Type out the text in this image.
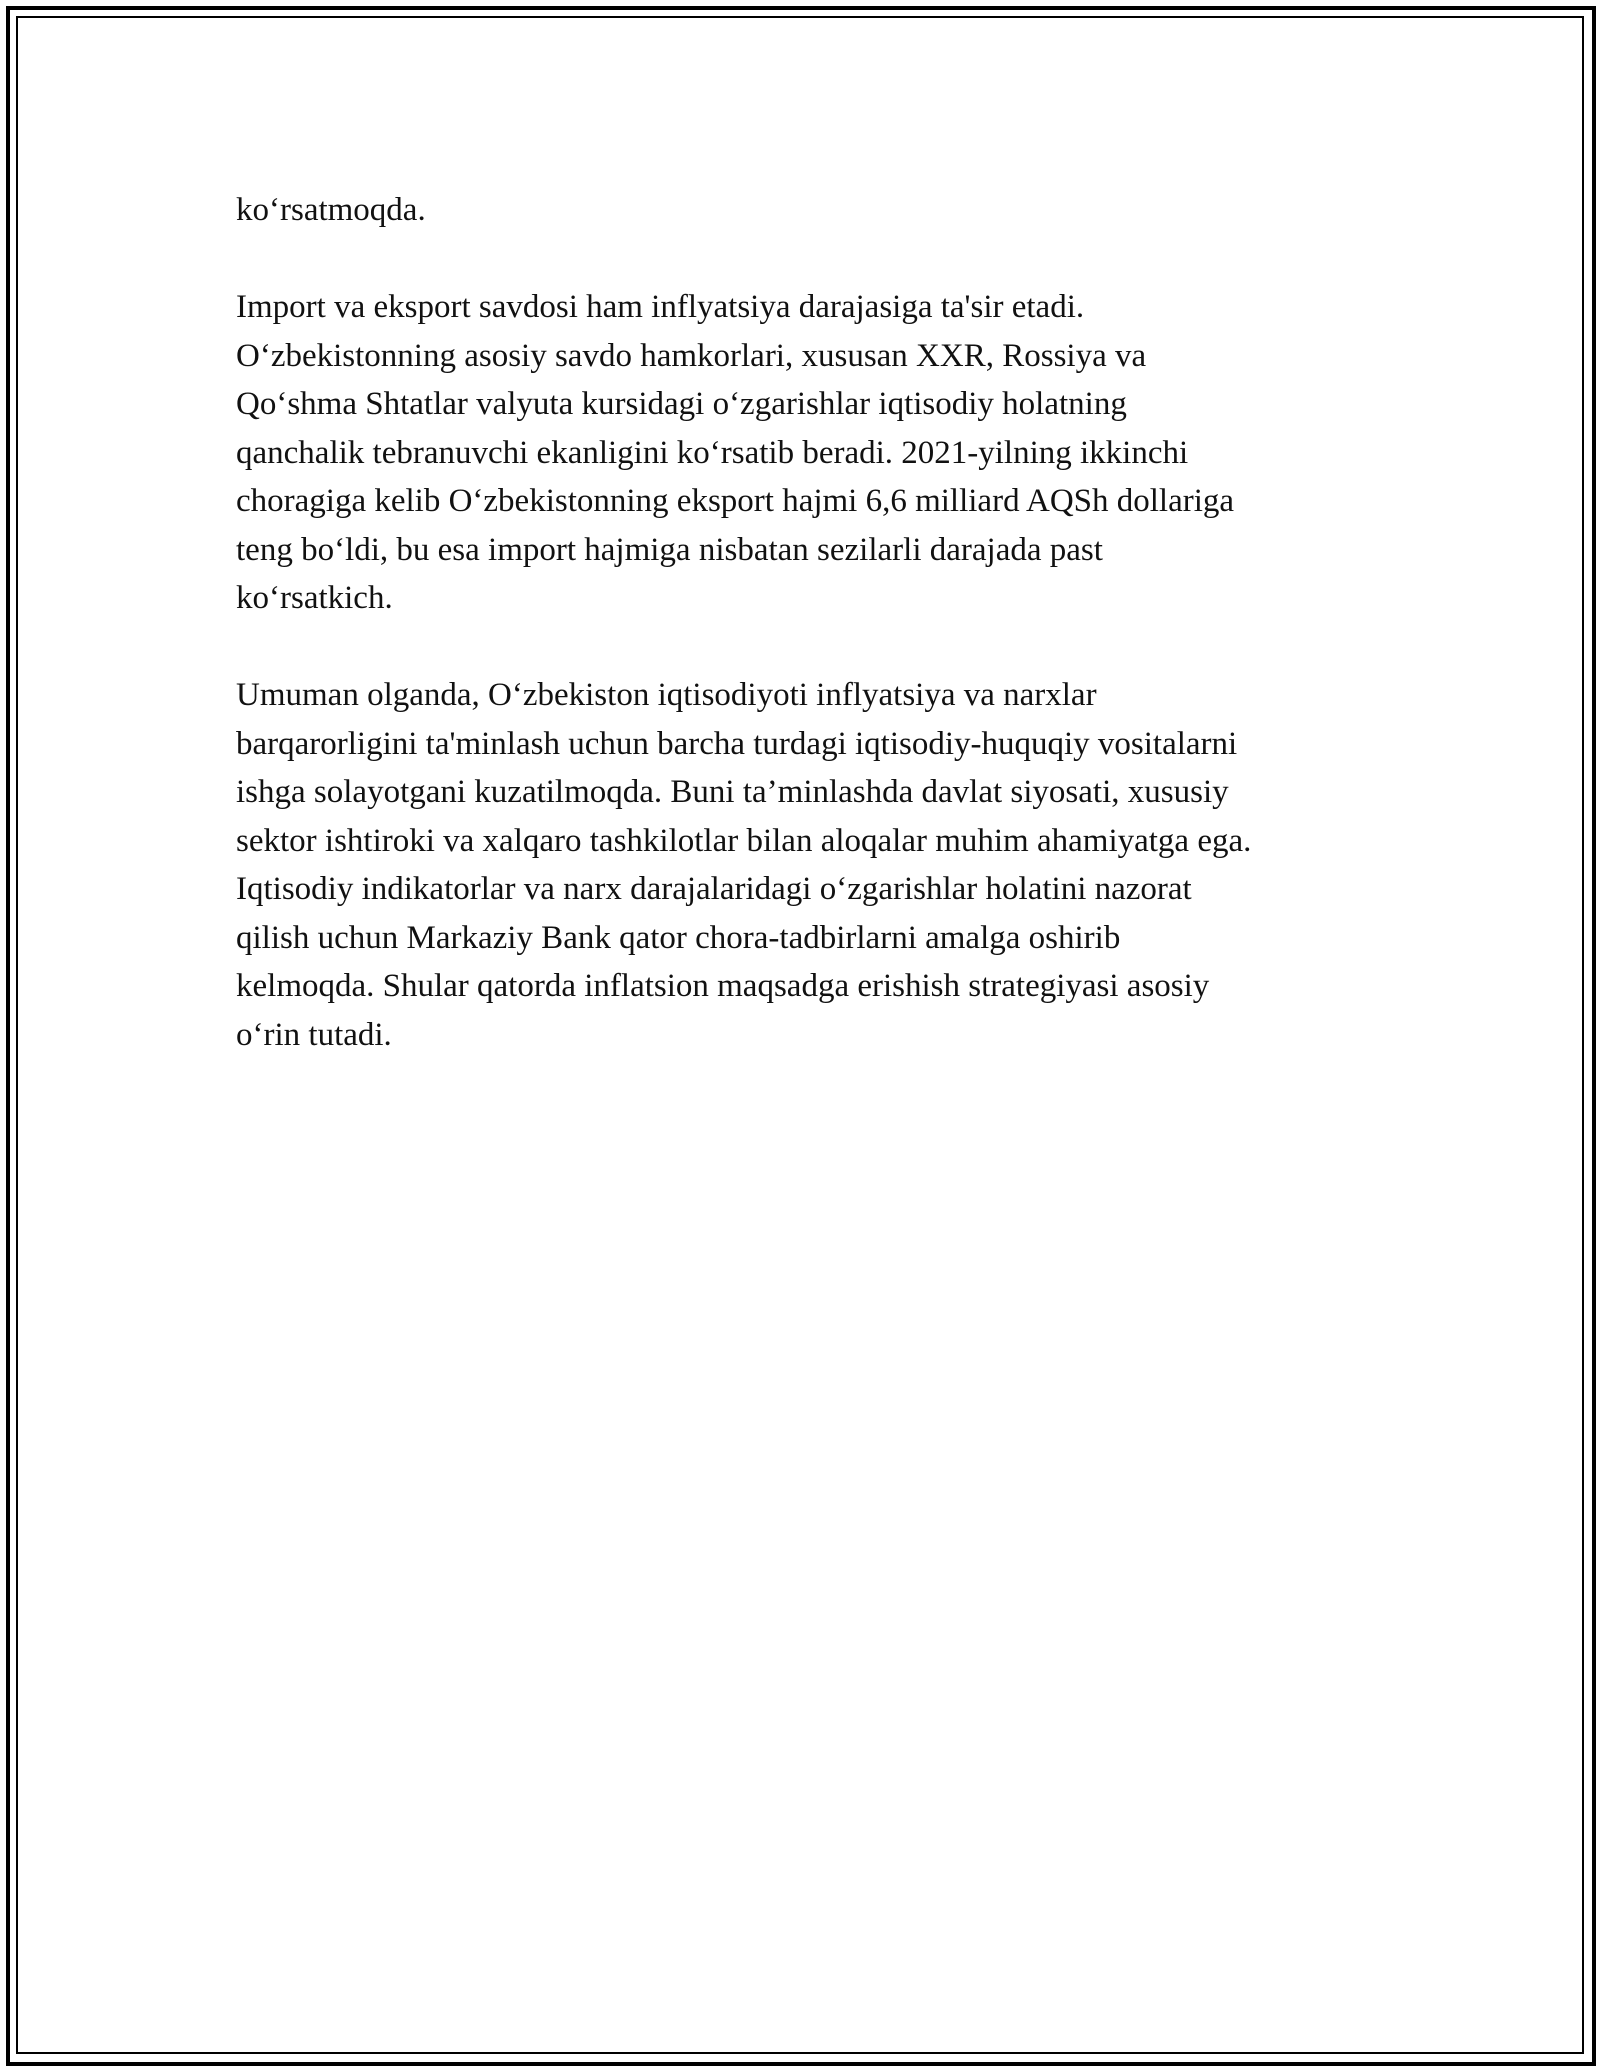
ko‘rsatmoqda.

Import va eksport savdosi ham inflyatsiya darajasiga ta'sir etadi.
O‘zbekistonning asosiy savdo hamkorlari, xususan XXR, Rossiya va
Qo‘shma Shtatlar valyuta kursidagi o‘zgarishlar iqtisodiy holatning
qanchalik tebranuvchi ekanligini ko‘rsatib beradi. 2021-yilning ikkinchi
choragiga kelib O‘zbekistonning eksport hajmi 6,6 milliard AQSh dollariga
teng bo‘ldi, bu esa import hajmiga nisbatan sezilarli darajada past
ko‘rsatkich.

Umuman olganda, O‘zbekiston iqtisodiyoti inflyatsiya va narxlar
barqarorligini ta'minlash uchun barcha turdagi iqtisodiy-huquqiy vositalarni
ishga solayotgani kuzatilmoqda. Buni ta’minlashda davlat siyosati, xususiy
sektor ishtiroki va xalqaro tashkilotlar bilan aloqalar muhim ahamiyatga ega.
Iqtisodiy indikatorlar va narx darajalaridagi o‘zgarishlar holatini nazorat
qilish uchun Markaziy Bank qator chora-tadbirlarni amalga oshirib
kelmoqda. Shular qatorda inflatsion maqsadga erishish strategiyasi asosiy
o‘rin tutadi.
